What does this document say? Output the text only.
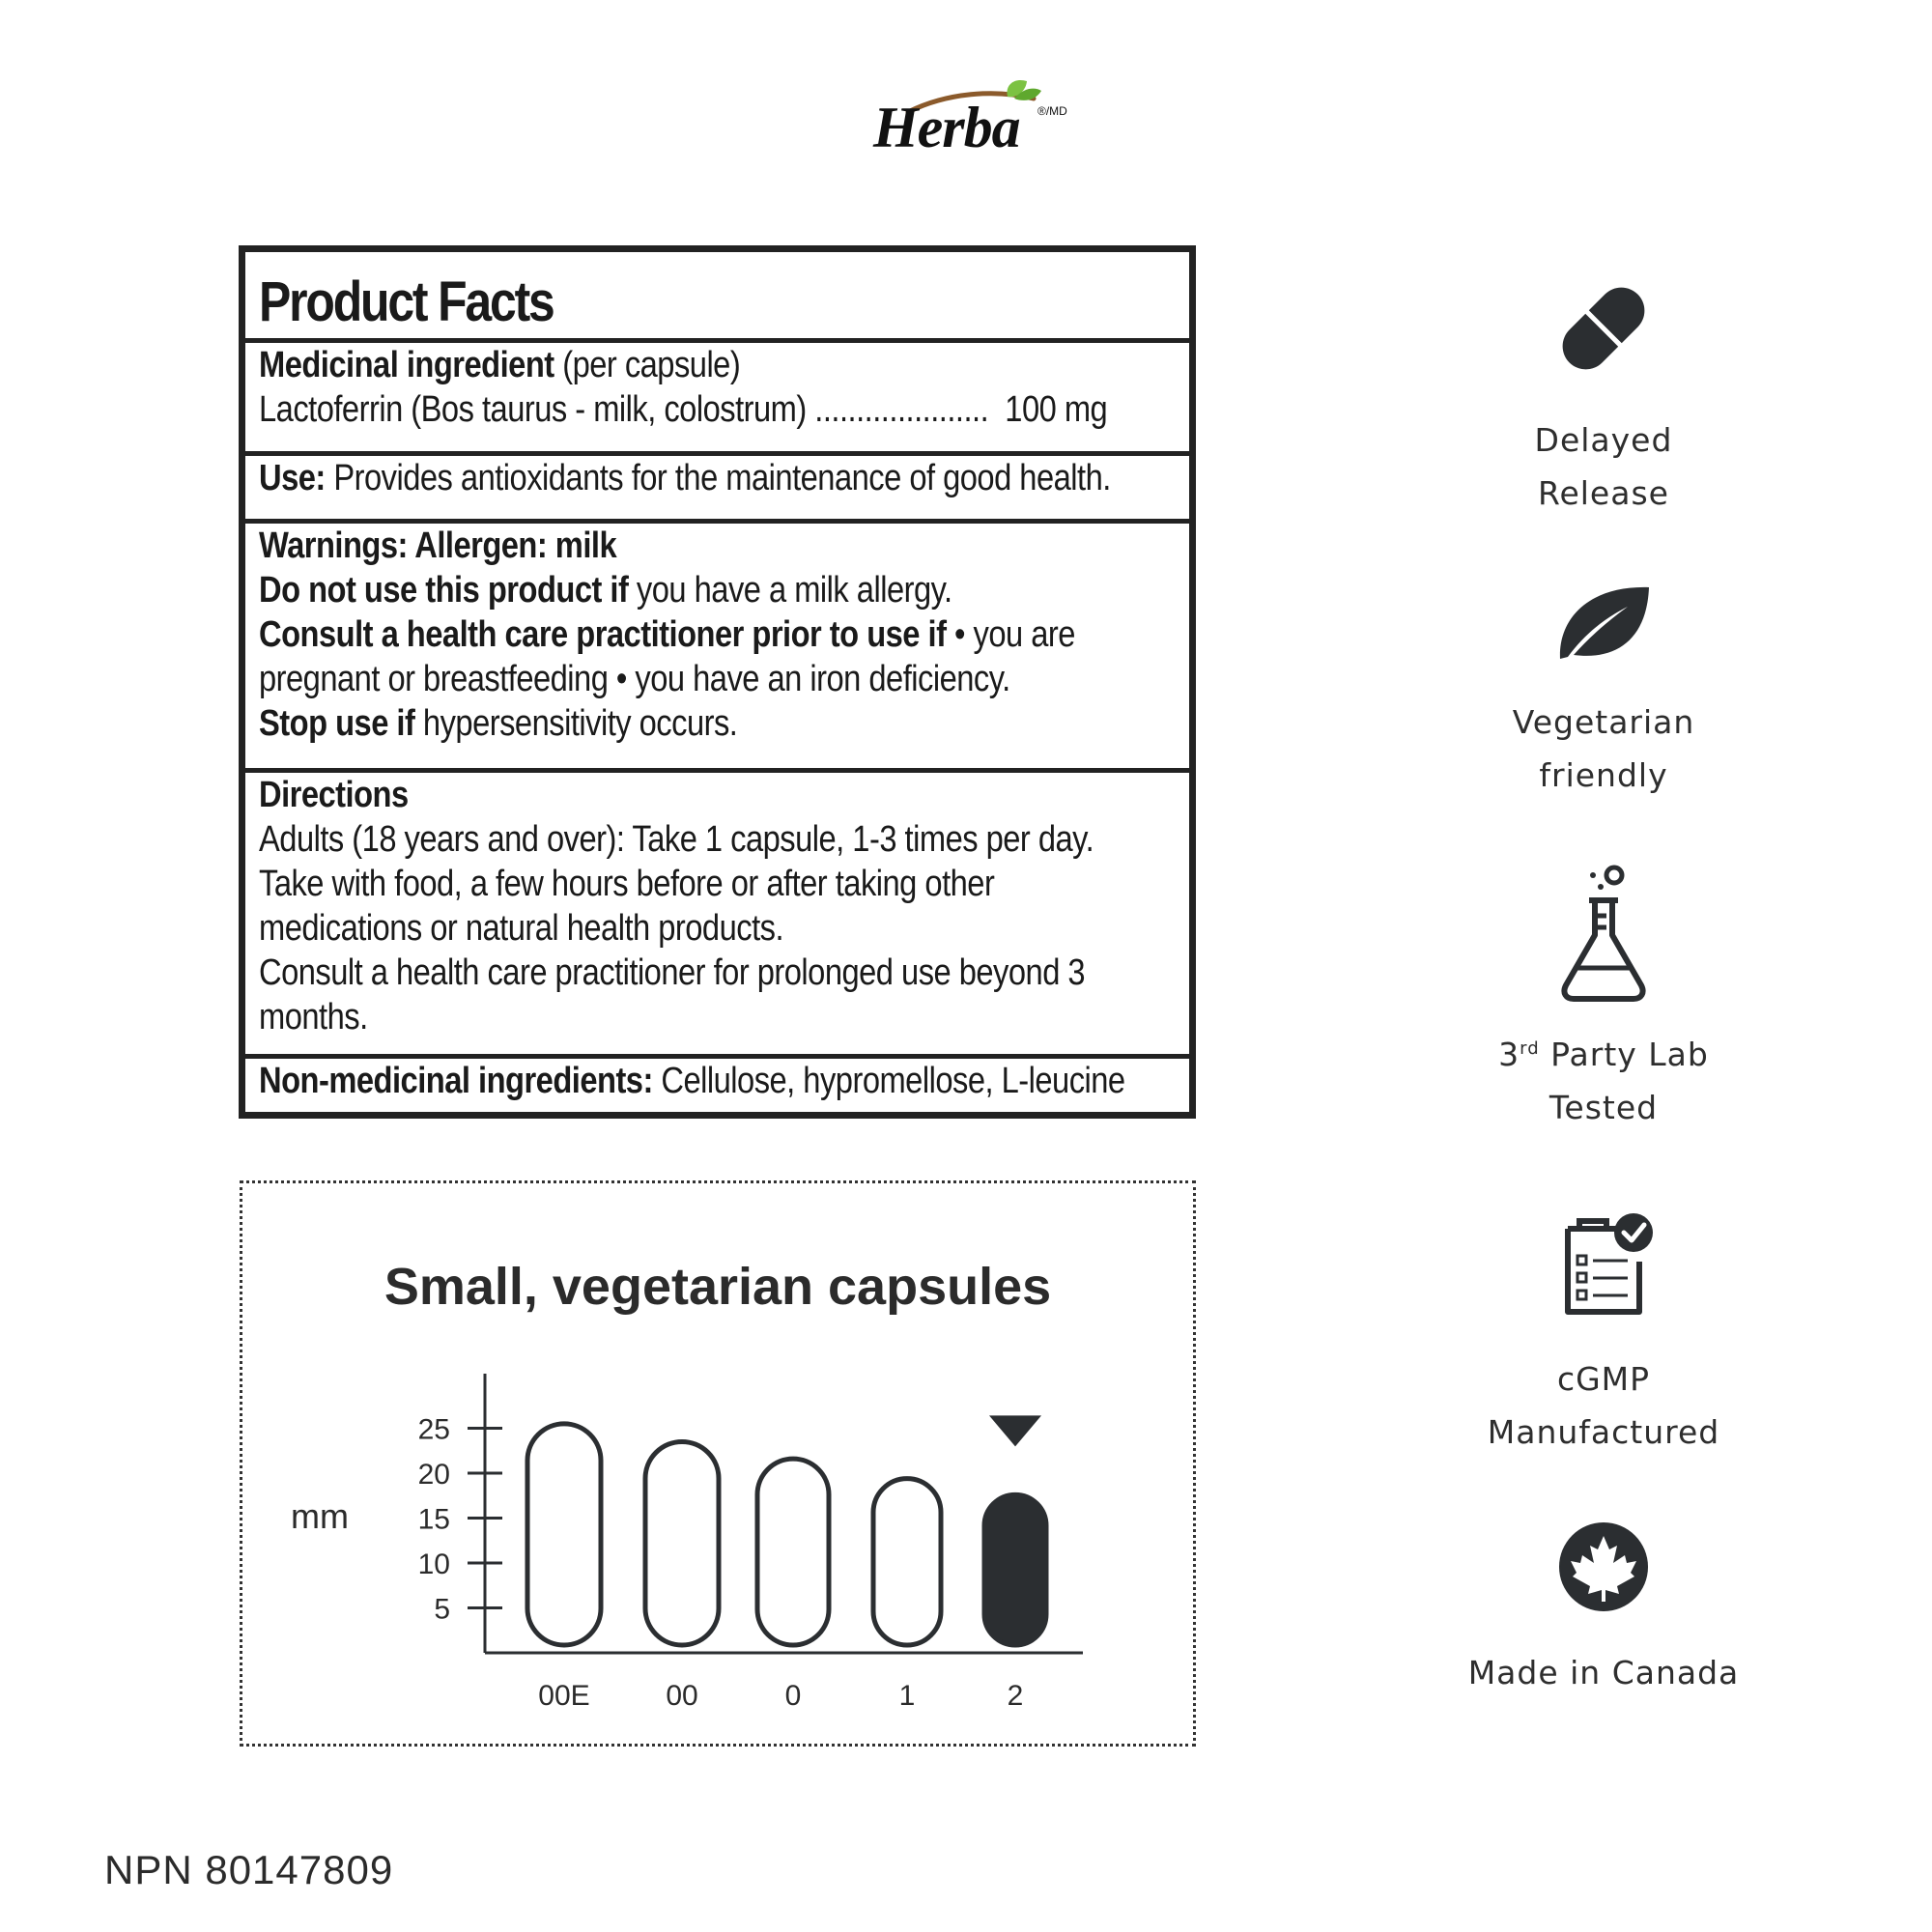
Herba ®/MD
Product Facts
Medicinal ingredient (per capsule)
Lactoferrin (Bos taurus - milk, colostrum) ..................... 100 mg
Use: Provides antioxidants for the maintenance of good health.
Warnings: Allergen: milk
Do not use this product if you have a milk allergy.
Consult a health care practitioner prior to use if • you are
pregnant or breastfeeding • you have an iron deficiency.
Stop use if hypersensitivity occurs.
Directions
Adults (18 years and over): Take 1 capsule, 1-3 times per day.
Take with food, a few hours before or after taking other
medications or natural health products.
Consult a health care practitioner for prolonged use beyond 3
months.
Non-medicinal ingredients: Cellulose, hypromellose, L-leucine
Small, vegetarian capsules
mm
5
10
15
20
25
00E	00	0	1	2
Delayed
Release
Vegetarian
friendly
3rd Party Lab
Tested
cGMP
Manufactured
Made in Canada
NPN 80147809
